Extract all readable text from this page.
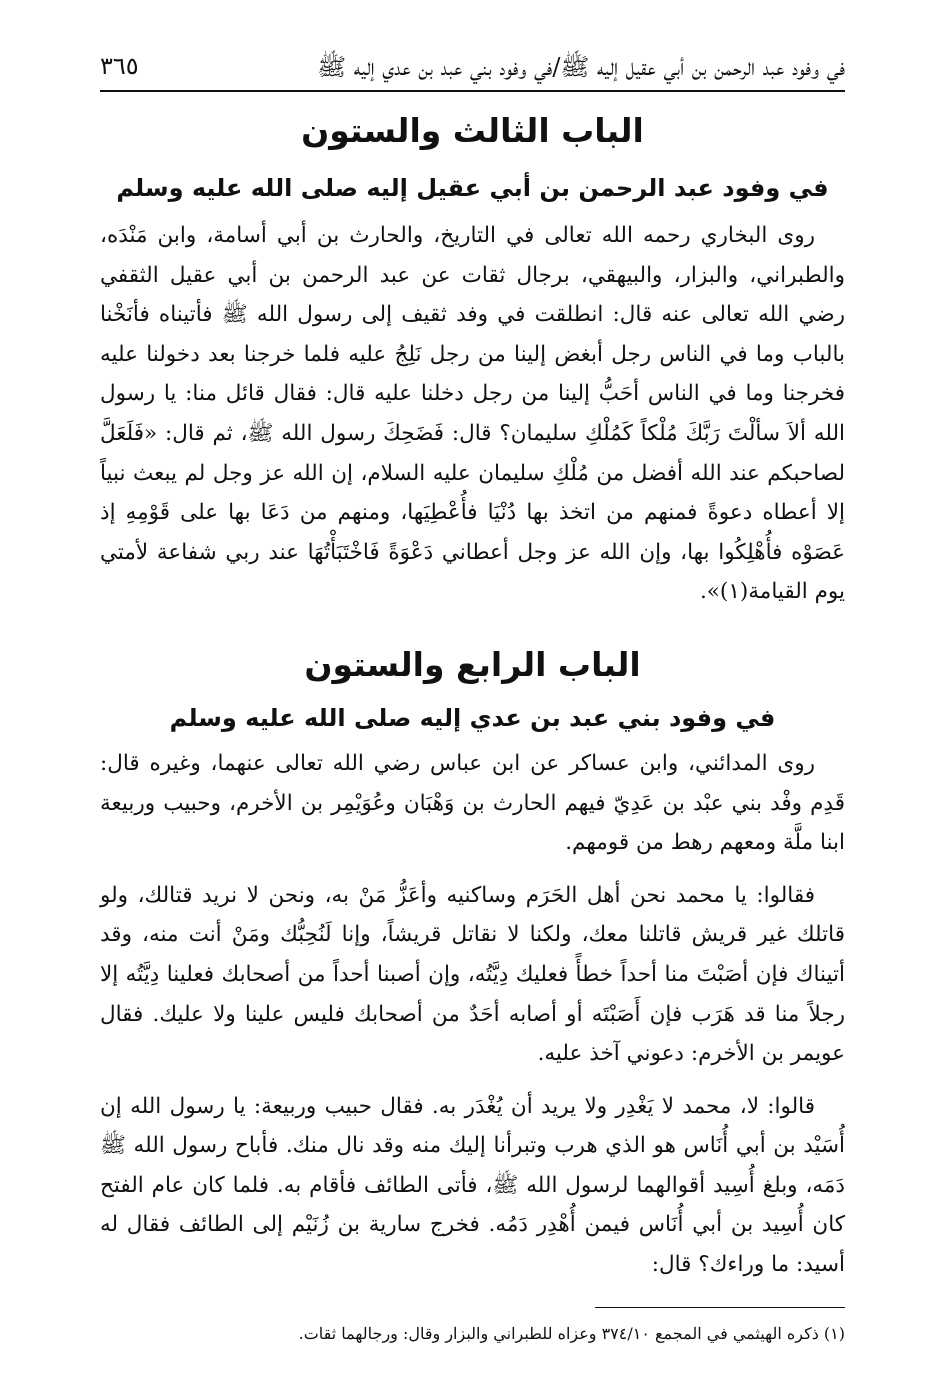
في وفود عبد الرحمن بن أبي عقيل إليه ﷺ/في وفود بني عبد بن عدي إليه ﷺ
٣٦٥
الباب الثالث والستون
في وفود عبد الرحمن بن أبي عقيل إليه صلى الله عليه وسلم

روى البخاري رحمه الله تعالى في التاريخ، والحارث بن أبي أسامة، وابن مَنْدَه، والطبراني، والبزار، والبيهقي، برجال ثقات عن عبد الرحمن بن أبي عقيل الثقفي رضي الله تعالى عنه قال: انطلقت في وفد ثقيف إلى رسول الله ﷺ فأتيناه فأنَخْنا بالباب وما في الناس رجل أبغض إلينا من رجل نَلِجُ عليه فلما خرجنا بعد دخولنا عليه فخرجنا وما في الناس أحَبُّ إلينا من رجل دخلنا عليه قال: فقال قائل منا: يا رسول الله ألاَ سألْتَ رَبَّكَ مُلْكاً كَمُلْكِ سليمان؟ قال: فَضَحِكَ رسول الله ﷺ، ثم قال: «فَلَعَلَّ لصاحبكم عند الله أفضل من مُلْكِ سليمان عليه السلام، إن الله عز وجل لم يبعث نبياً إلا أعطاه دعوةً فمنهم من اتخذ بها دُنْيَا فأُعْطِيَها، ومنهم من دَعَا بها على قَوْمِهِ إذ عَصَوْه فأُهْلِكُوا بها، وإن الله عز وجل أعطاني دَعْوَةً فَاخْتَبَأْتُهَا عند ربي شفاعة لأمتي يوم القيامة(١)».

الباب الرابع والستون
في وفود بني عبد بن عدي إليه صلى الله عليه وسلم

روى المدائني، وابن عساكر عن ابن عباس رضي الله تعالى عنهما، وغيره قال: قَدِم وفْد بني عبْد بن عَدِيّ فيهم الحارث بن وَهْبَان وعُوَيْمِر بن الأخرم، وحبيب وربيعة ابنا ملَّة ومعهم رهط من قومهم.

فقالوا: يا محمد نحن أهل الحَرَم وساكنيه وأعَزُّ مَنْ به، ونحن لا نريد قتالك، ولو قاتلك غير قريش قاتلنا معك، ولكنا لا نقاتل قريشاً، وإنا لَنُحِبُّك ومَنْ أنت منه، وقد أتيناك فإن أصَبْتَ منا أحداً خطأً فعليك دِيَّتُه، وإن أصبنا أحداً من أصحابك فعلينا دِيَّتُه إلا رجلاً منا قد هَرَب فإن أَصَبْتَه أو أصابه أحَدٌ من أصحابك فليس علينا ولا عليك. فقال عويمر بن الأخرم: دعوني آخذ عليه.

قالوا: لا، محمد لا يَغْدِر ولا يريد أن يُغْدَر به. فقال حبيب وربيعة: يا رسول الله إن أُسَيْد بن أبي أُنَاس هو الذي هرب وتبرأنا إليك منه وقد نال منك. فأباح رسول الله ﷺ دَمَه، وبلغ أُسِيد أقوالهما لرسول الله ﷺ، فأتى الطائف فأقام به. فلما كان عام الفتح كان أُسِيد بن أبي أُنَاس فيمن أُهْدِر دَمُه. فخرج سارية بن زُنَيْم إلى الطائف فقال له أسيد: ما وراءك؟ قال:

(١) ذكره الهيثمي في المجمع ٣٧٤/١٠ وعزاه للطبراني والبزار وقال: ورجالهما ثقات.
